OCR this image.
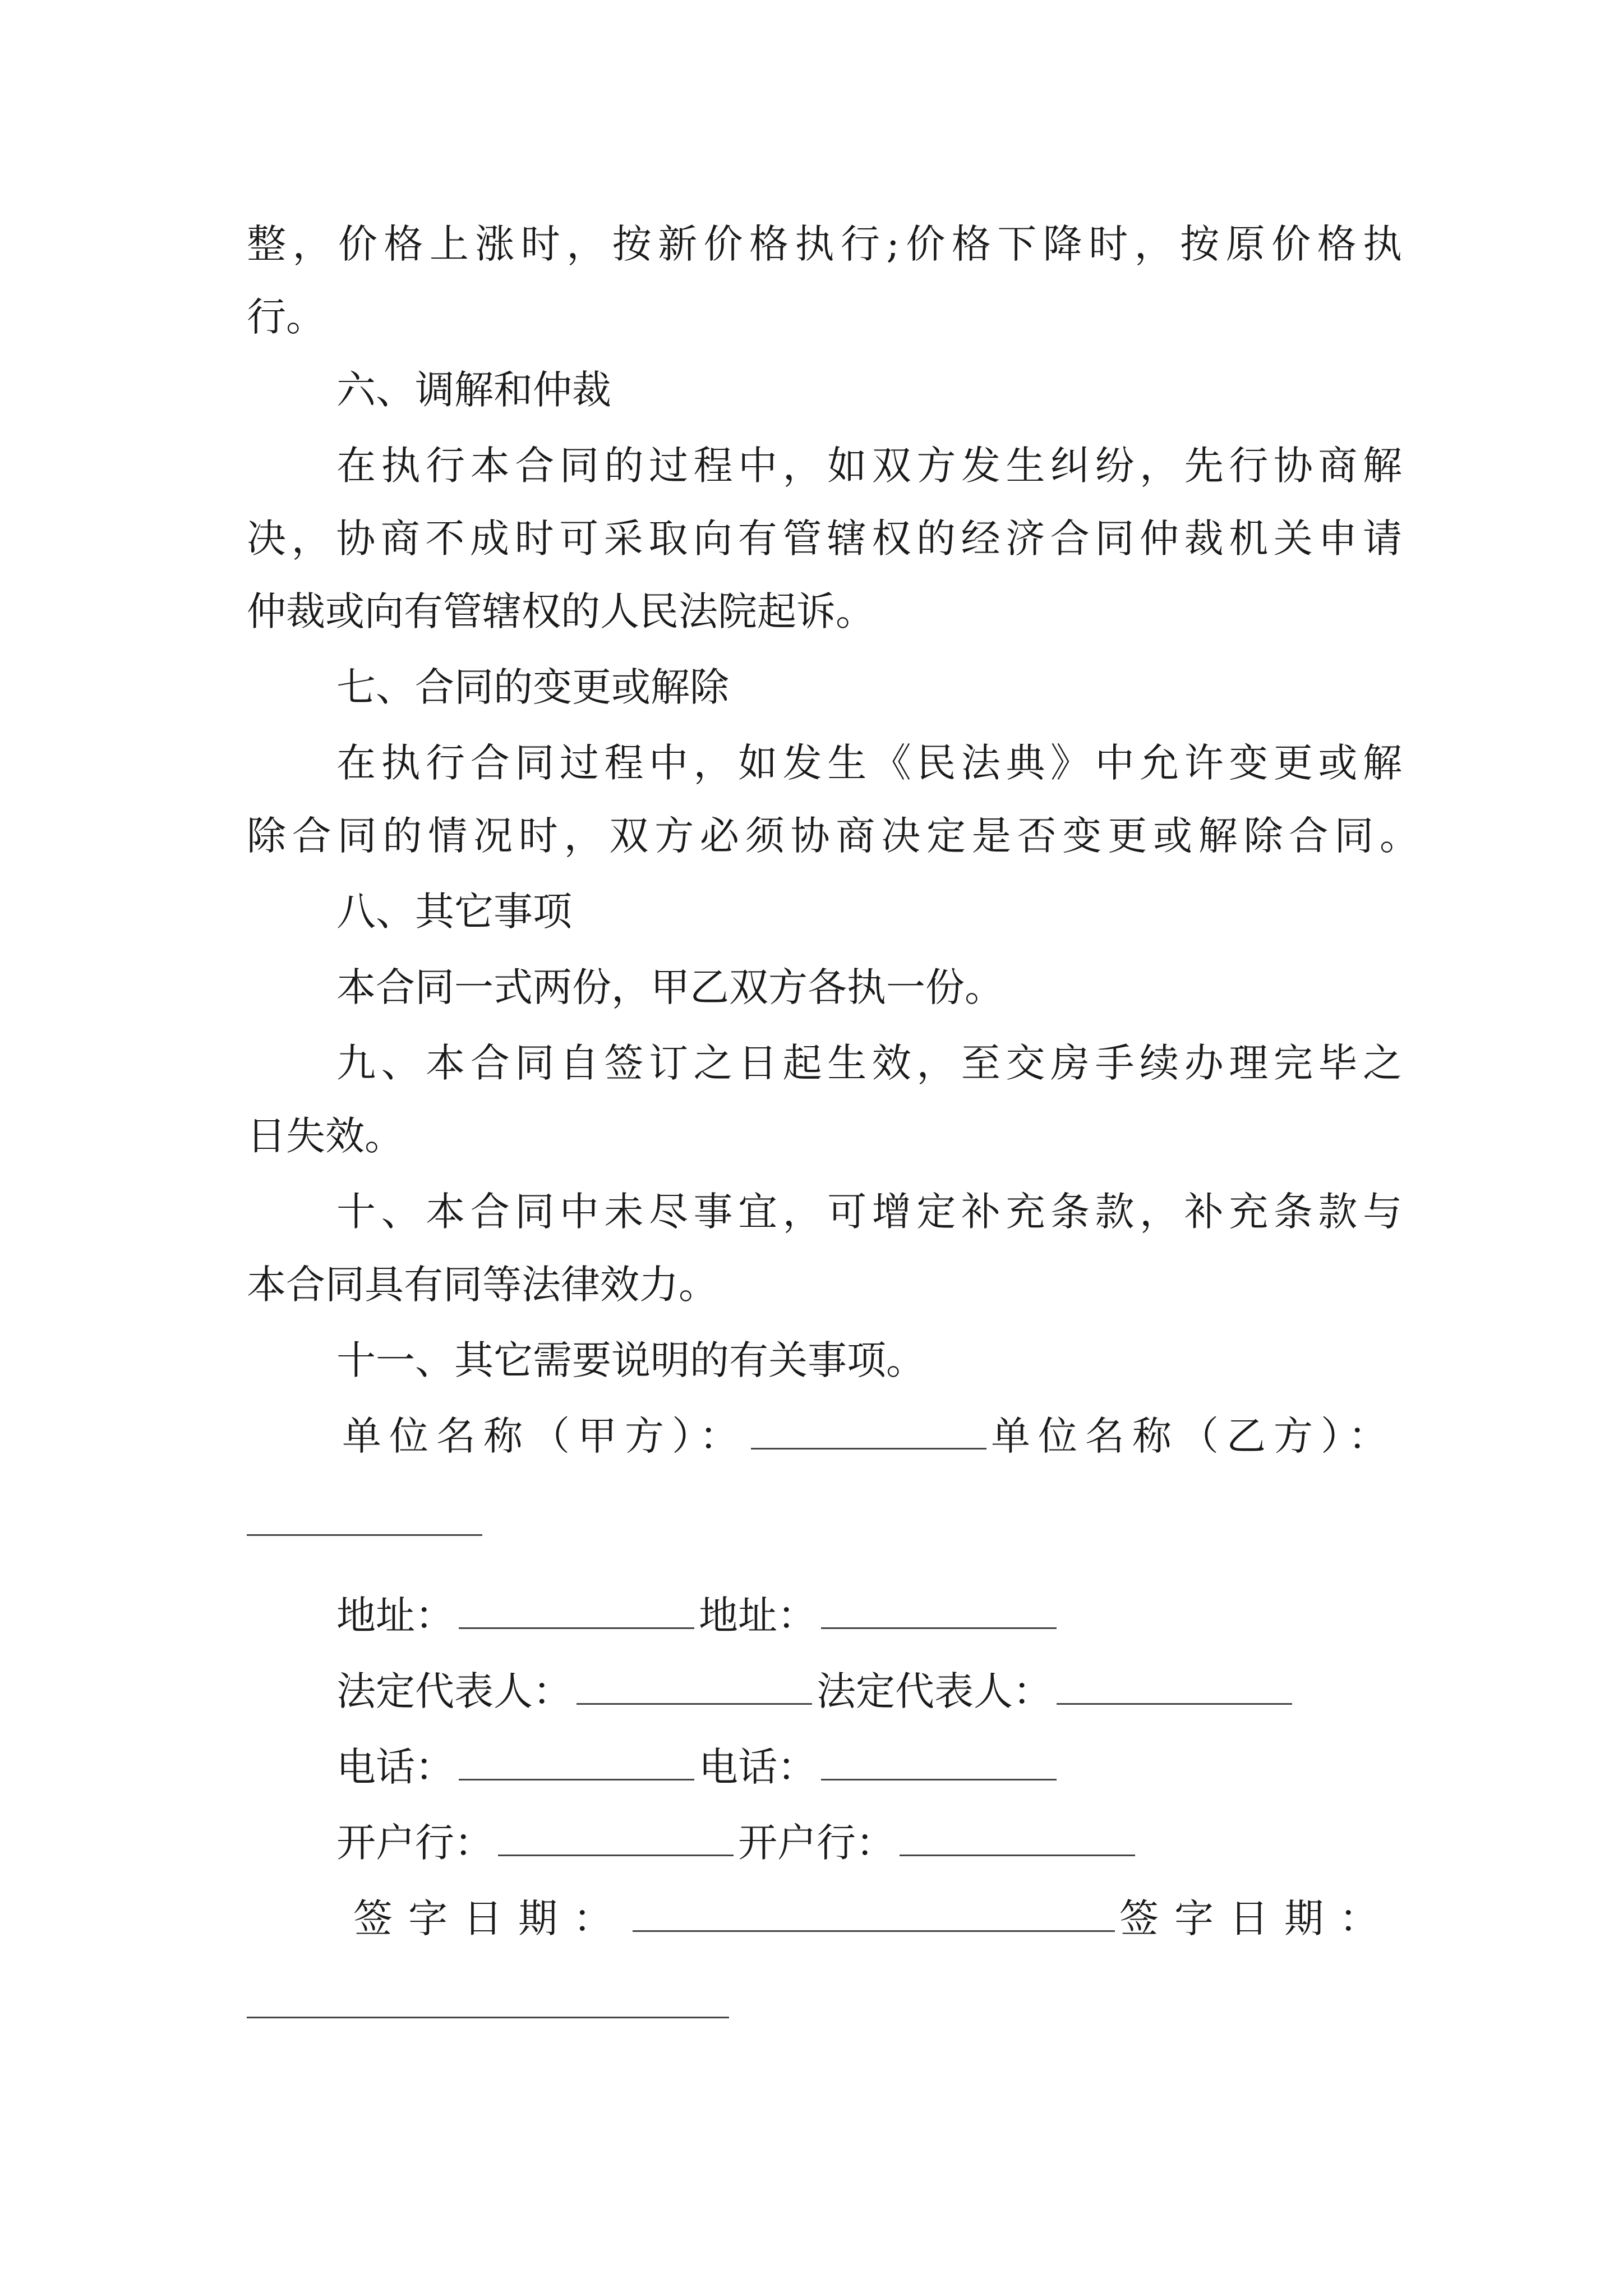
整，价格上涨时，按新价格执行;价格下降时，按原价格执
行。
六、调解和仲裁
在执行本合同的过程中，如双方发生纠纷，先行协商解
决，协商不成时可采取向有管辖权的经济合同仲裁机关申请
仲裁或向有管辖权的人民法院起诉。
七、合同的变更或解除
在执行合同过程中，如发生《民法典》中允许变更或解
除合同的情况时，双方必须协商决定是否变更或解除合同。
八、其它事项
本合同一式两份，甲乙双方各执一份。
九、本合同自签订之日起生效，至交房手续办理完毕之
日失效。
十、本合同中未尽事宜，可增定补充条款，补充条款与
本合同具有同等法律效力。
十一、其它需要说明的有关事项。
单位名称（甲方）：	单位名称（乙方）：
地址：	地址：
法定代表人：	法定代表人：
电话：	电话：
开户行：	开户行：
签字日期：	签字日期：
